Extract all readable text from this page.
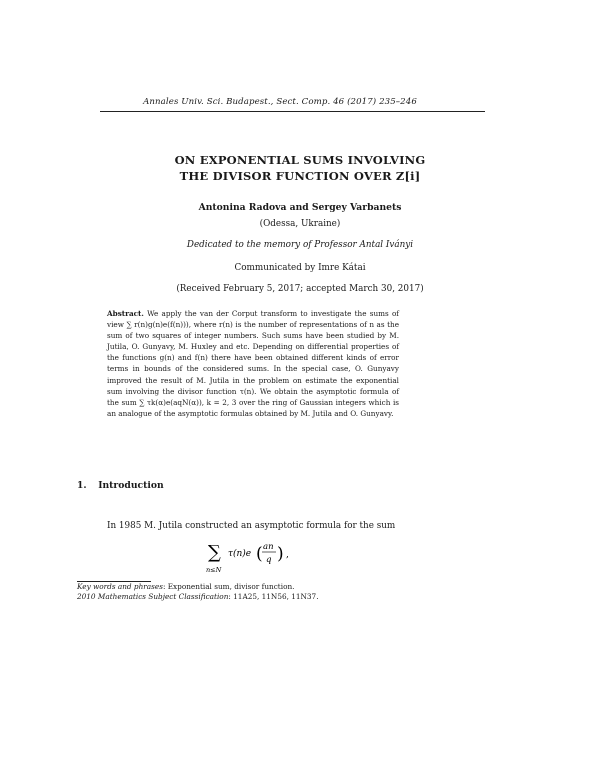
Annales Univ. Sci. Budapest., Sect. Comp. 46 (2017) 235–246
ON EXPONENTIAL SUMS INVOLVING
THE DIVISOR FUNCTION OVER Z[i]
Antonina Radova and Sergey Varbanets
(Odessa, Ukraine)
Dedicated to the memory of Professor Antal Iványi
Communicated by Imre Kátai
(Received February 5, 2017; accepted March 30, 2017)
Abstract. We apply the van der Corput transform to investigate the sums of view ∑ r(n)g(n)e(f(n))), where r(n) is the number of representations of n as the sum of two squares of integer numbers. Such sums have been studied by M. Jutila, O. Gunyavy, M. Huxley and etc. Depending on differential properties of the functions g(n) and f(n) there have been obtained different kinds of error terms in bounds of the considered sums. In the special case, O. Gunyavy improved the result of M. Jutila in the problem on estimate the exponential sum involving the divisor function τ(n). We obtain the asymptotic formula of the sum ∑ τk(α)e(aqN(α)), k = 2, 3 over the ring of Gaussian integers which is an analogue of the asymptotic formulas obtained by M. Jutila and O. Gunyavy.
1. Introduction
In 1985 M. Jutila constructed an asymptotic formula for the sum
∑
n≤N
τ(n)e ( an
q ) ,
Key words and phrases: Exponential sum, divisor function.
2010 Mathematics Subject Classification: 11A25, 11N56, 11N37.
